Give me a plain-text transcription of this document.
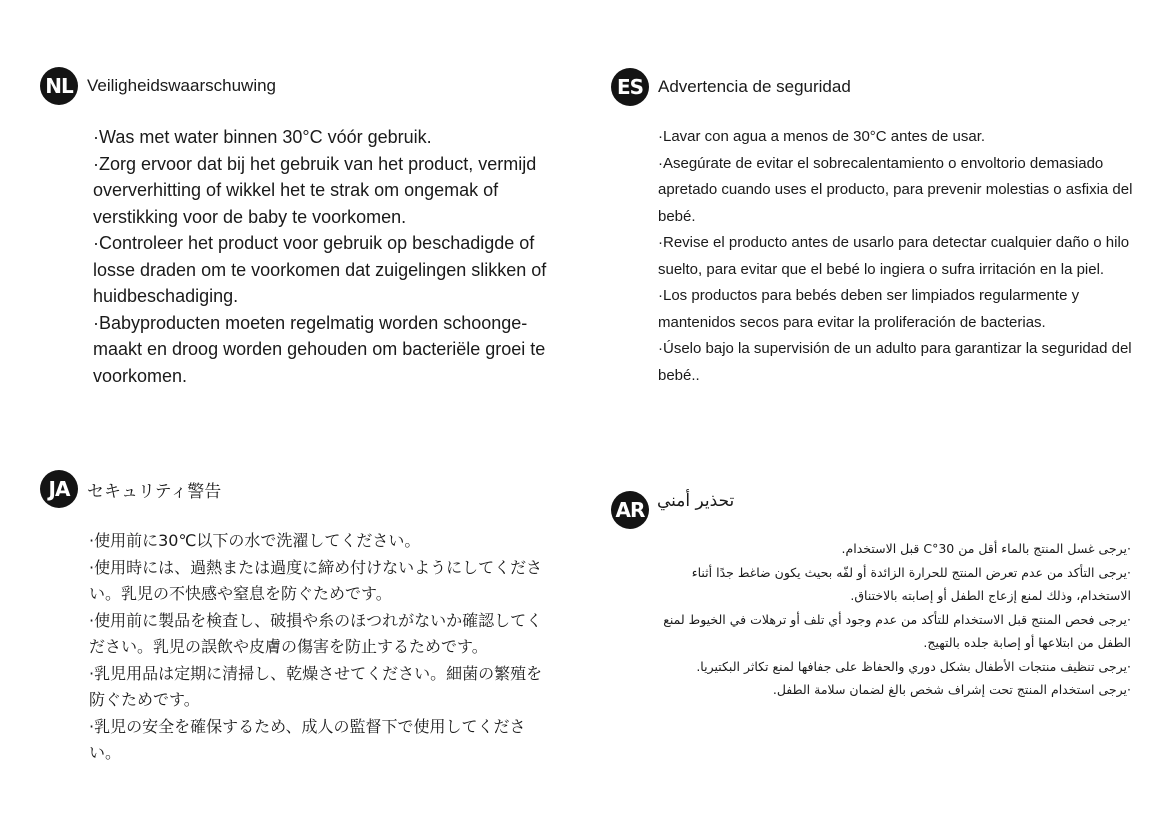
NL Veiligheidswaarschuwing
·Was met water binnen 30°C vóór gebruik.
·Zorg ervoor dat bij het gebruik van het product, vermijd oververhitting of wikkel het te strak om ongemak of verstikking voor de baby te voorkomen.
·Controleer het product voor gebruik op beschadigde of losse draden om te voorkomen dat zuigelingen slikken of huidbeschadiging.
·Babyproducten moeten regelmatig worden schoonge-maakt en droog worden gehouden om bacteriële groei te voorkomen.
ES Advertencia de seguridad
·Lavar con agua a menos de 30°C antes de usar.
·Asegúrate de evitar el sobrecalentamiento o envoltorio demasiado apretado cuando uses el producto, para prevenir molestias o asfixia del bebé.
·Revise el producto antes de usarlo para detectar cualquier daño o hilo suelto, para evitar que el bebé lo ingiera o sufra irritación en la piel.
·Los productos para bebés deben ser limpiados regularmente y mantenidos secos para evitar la proliferación de bacterias.
·Úselo bajo la supervisión de un adulto para garantizar la seguridad del bebé..
JA	セキュリティ警告
·使用前に30℃以下の水で洗濯してください。
·使用時には、過熱または過度に締め付けないようにしてください。乳児の不快感や窒息を防ぐためです。
·使用前に製品を検査し、破損や糸のほつれがないか確認してください。乳児の誤飲や皮膚の傷害を防止するためです。
·乳児用品は定期に清掃し、乾燥させてください。細菌の繁殖を防ぐためです。
·乳児の安全を確保するため、成人の監督下で使用してください。
AR تحذير أمني
·يرجى غسل المنتج بالماء أقل من 30°C قبل الاستخدام.
·يرجى التأكد من عدم تعرض المنتج للحرارة الزائدة أو لفّه بحيث يكون ضاغط جدًا أثناء الاستخدام، وذلك لمنع إزعاج الطفل أو إصابته بالاختناق.
·يرجى فحص المنتج قبل الاستخدام للتأكد من عدم وجود أي تلف أو ترهلات في الخيوط لمنع الطفل من ابتلاعها أو إصابة جلده بالتهيج.
·يرجى تنظيف منتجات الأطفال بشكل دوري والحفاظ على جفافها لمنع تكاثر البكتيريا.
·يرجى استخدام المنتج تحت إشراف شخص بالغ لضمان سلامة الطفل.
